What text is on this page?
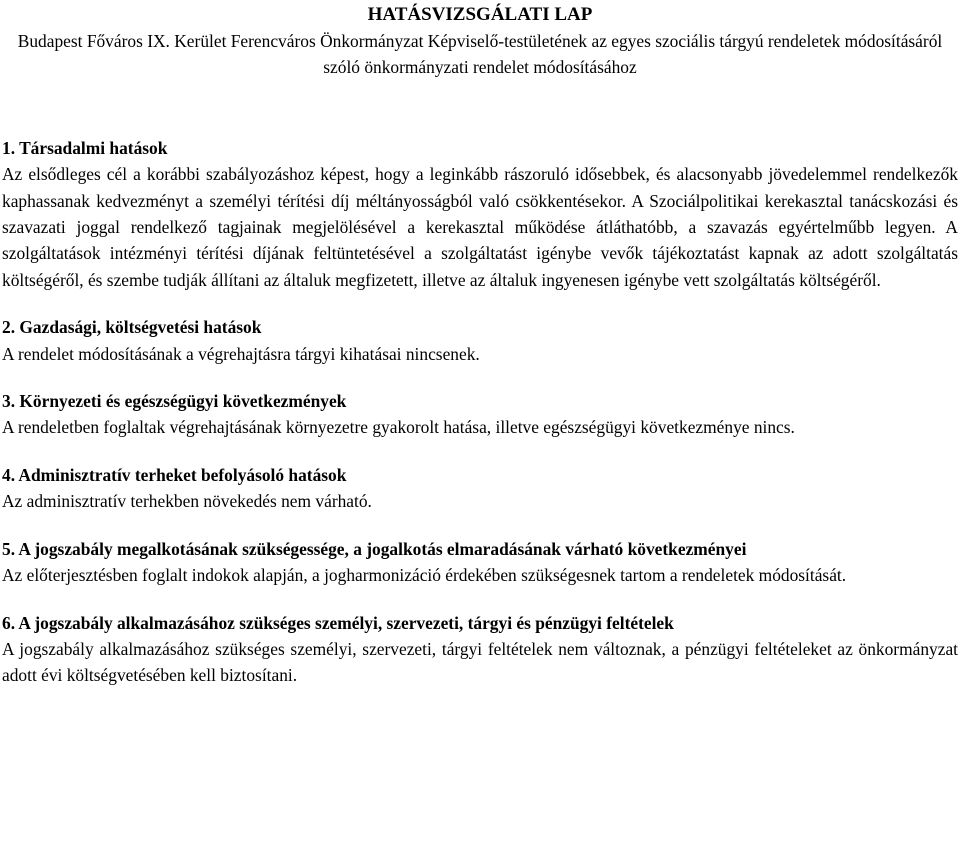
HATÁSVIZSGÁLATI LAP
Budapest Főváros IX. Kerület Ferencváros Önkormányzat Képviselő-testületének az egyes szociális tárgyú rendeletek módosításáról szóló önkormányzati rendelet módosításához

1. Társadalmi hatások

Az elsődleges cél a korábbi szabályozáshoz képest, hogy a leginkább rászoruló idősebbek, és alacsonyabb jövedelemmel rendelkezők kaphassanak kedvezményt a személyi térítési díj méltányosságból való csökkentésekor. A Szociálpolitikai kerekasztal tanácskozási és szavazati joggal rendelkező tagjainak megjelölésével a kerekasztal működése átláthatóbb, a szavazás egyértelműbb legyen. A szolgáltatások intézményi térítési díjának feltüntetésével a szolgáltatást igénybe vevők tájékoztatást kapnak az adott szolgáltatás költségéről, és szembe tudják állítani az általuk megfizetett, illetve az általuk ingyenesen igénybe vett szolgáltatás költségéről.

2. Gazdasági, költségvetési hatások

A rendelet módosításának a végrehajtásra tárgyi kihatásai nincsenek.

3. Környezeti és egészségügyi következmények

A rendeletben foglaltak végrehajtásának környezetre gyakorolt hatása, illetve egészségügyi következménye nincs.

4. Adminisztratív terheket befolyásoló hatások

Az adminisztratív terhekben növekedés nem várható.

5. A jogszabály megalkotásának szükségessége, a jogalkotás elmaradásának várható következményei

Az előterjesztésben foglalt indokok alapján, a jogharmonizáció érdekében szükségesnek tartom a rendeletek módosítását.

6. A jogszabály alkalmazásához szükséges személyi, szervezeti, tárgyi és pénzügyi feltételek

A jogszabály alkalmazásához szükséges személyi, szervezeti, tárgyi feltételek nem változnak, a pénzügyi feltételeket az önkormányzat adott évi költségvetésében kell biztosítani.
